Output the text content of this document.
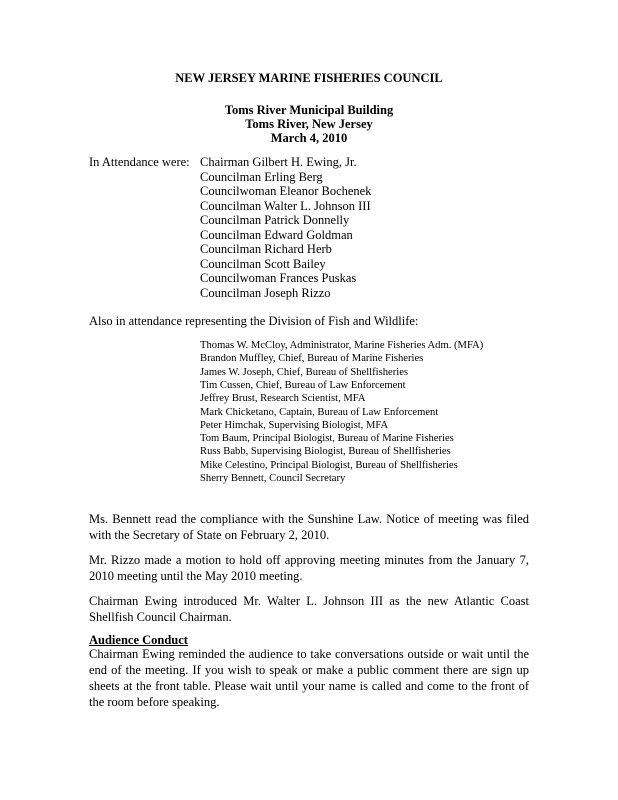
NEW JERSEY MARINE FISHERIES COUNCIL
Toms River Municipal Building
Toms River, New Jersey
March 4, 2010
In Attendance were: Chairman Gilbert H. Ewing, Jr.
Councilman Erling Berg
Councilwoman Eleanor Bochenek
Councilman Walter L. Johnson III
Councilman Patrick Donnelly
Councilman Edward Goldman
Councilman Richard Herb
Councilman Scott Bailey
Councilwoman Frances Puskas
Councilman Joseph Rizzo
Also in attendance representing the Division of Fish and Wildlife:
Thomas W. McCloy, Administrator, Marine Fisheries Adm. (MFA)
Brandon Muffley, Chief, Bureau of Marine Fisheries
James W. Joseph, Chief, Bureau of Shellfisheries
Tim Cussen, Chief, Bureau of Law Enforcement
Jeffrey Brust, Research Scientist, MFA
Mark Chicketano, Captain, Bureau of Law Enforcement
Peter Himchak, Supervising Biologist, MFA
Tom Baum, Principal Biologist, Bureau of Marine Fisheries
Russ Babb, Supervising Biologist, Bureau of Shellfisheries
Mike Celestino, Principal Biologist, Bureau of Shellfisheries
Sherry Bennett, Council Secretary
Ms. Bennett read the compliance with the Sunshine Law. Notice of meeting was filed with the Secretary of State on February 2, 2010.
Mr. Rizzo made a motion to hold off approving meeting minutes from the January 7, 2010 meeting until the May 2010 meeting.
Chairman Ewing introduced Mr. Walter L. Johnson III as the new Atlantic Coast Shellfish Council Chairman.
Audience Conduct
Chairman Ewing reminded the audience to take conversations outside or wait until the end of the meeting. If you wish to speak or make a public comment there are sign up sheets at the front table. Please wait until your name is called and come to the front of the room before speaking.
